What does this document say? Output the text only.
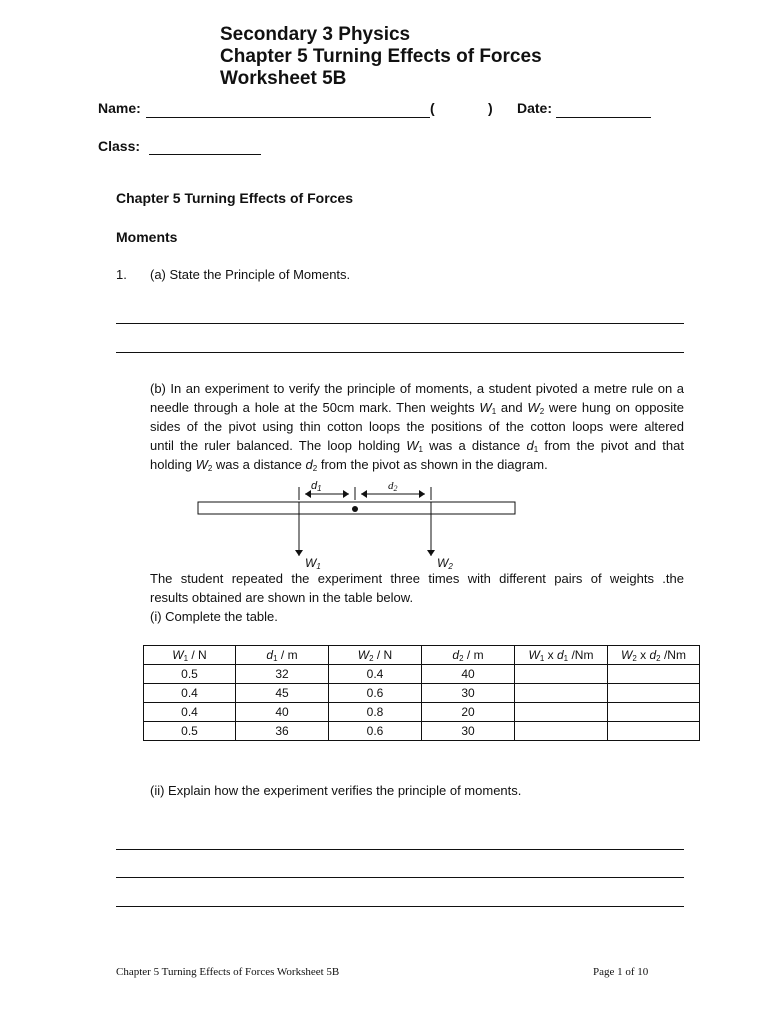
Secondary 3 Physics
Chapter 5 Turning Effects of Forces
Worksheet 5B
Name:	(	) Date:
Class:
Chapter 5 Turning Effects of Forces
Moments
1. (a) State the Principle of Moments.
(b) In an experiment to verify the principle of moments, a student pivoted a metre rule on a
needle through a hole at the 50cm mark. Then weights $W_1$ and $W_2$ were hung on opposite
sides of the pivot using thin cotton loops the positions of the cotton loops were altered
until the ruler balanced. The loop holding $W_1$ was a distance $d_1$ from the pivot and that
holding $W_2$ was a distance $d_2$ from the pivot as shown in the diagram.
$d_1$	$d_2$
$W_1$	$W_2$
The student repeated the experiment three times with different pairs of weights .the
results obtained are shown in the table below.
(i) Complete the table.
$W_1$ / N	$d_1$ / m	$W_2$ / N	$d_2$ / m	$W_1$ x $d_1$ /Nm	$W_2$ x $d_2$ /Nm
0.5	32	0.4	40		
0.4	45	0.6	30		
0.4	40	0.8	20		
0.5	36	0.6	30		
(ii) Explain how the experiment verifies the principle of moments.
Chapter 5 Turning Effects of Forces Worksheet 5B	Page 1 of 10
